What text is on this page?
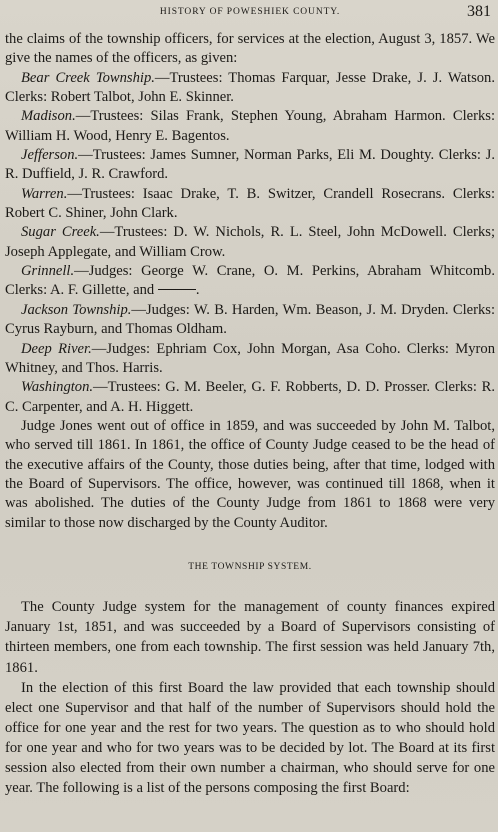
HISTORY OF POWESHIEK COUNTY.	381

the claims of the township officers, for services at the election, August 3, 1857. We give the names of the officers, as given:

Bear Creek Township.—Trustees: Thomas Farquar, Jesse Drake, J. J. Watson. Clerks: Robert Talbot, John E. Skinner.

Madison.—Trustees: Silas Frank, Stephen Young, Abraham Harmon. Clerks: William H. Wood, Henry E. Bagentos.

Jefferson.—Trustees: James Sumner, Norman Parks, Eli M. Doughty. Clerks: J. R. Duffield, J. R. Crawford.

Warren.—Trustees: Isaac Drake, T. B. Switzer, Crandell Rosecrans. Clerks: Robert C. Shiner, John Clark.

Sugar Creek.—Trustees: D. W. Nichols, R. L. Steel, John McDowell. Clerks; Joseph Applegate, and William Crow.

Grinnell.—Judges: George W. Crane, O. M. Perkins, Abraham Whitcomb. Clerks: A. F. Gillette, and	.

Jackson Township.—Judges: W. B. Harden, Wm. Beason, J. M. Dryden. Clerks: Cyrus Rayburn, and Thomas Oldham.

Deep River.—Judges: Ephriam Cox, John Morgan, Asa Coho. Clerks: Myron Whitney, and Thos. Harris.

Washington.—Trustees: G. M. Beeler, G. F. Robberts, D. D. Prosser. Clerks: R. C. Carpenter, and A. H. Higgett.

Judge Jones went out of office in 1859, and was succeeded by John M. Talbot, who served till 1861. In 1861, the office of County Judge ceased to be the head of the executive affairs of the County, those duties being, after that time, lodged with the Board of Supervisors. The office, however, was continued till 1868, when it was abolished. The duties of the County Judge from 1861 to 1868 were very similar to those now discharged by the County Auditor.

THE TOWNSHIP SYSTEM.

The County Judge system for the management of county finances expired January 1st, 1851, and was succeeded by a Board of Supervisors consisting of thirteen members, one from each township. The first session was held January 7th, 1861.

In the election of this first Board the law provided that each township should elect one Supervisor and that half of the number of Supervisors should hold the office for one year and the rest for two years. The question as to who should hold for one year and who for two years was to be decided by lot. The Board at its first session also elected from their own number a chairman, who should serve for one year. The following is a list of the persons composing the first Board:
